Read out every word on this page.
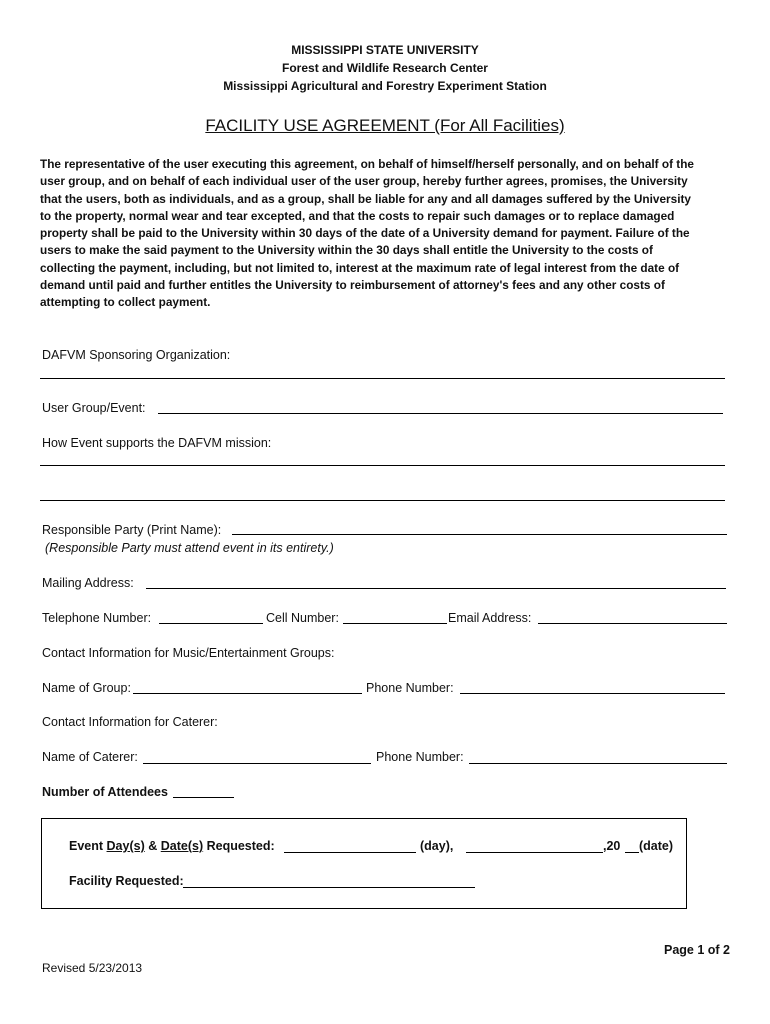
MISSISSIPPI STATE UNIVERSITY
Forest and Wildlife Research Center
Mississippi Agricultural and Forestry Experiment Station
FACILITY USE AGREEMENT (For All Facilities)
The representative of the user executing this agreement, on behalf of himself/herself personally, and on behalf of the
user group, and on behalf of each individual user of the user group, hereby further agrees, promises, the University
that the users, both as individuals, and as a group, shall be liable for any and all damages suffered by the University
to the property, normal wear and tear excepted, and that the costs to repair such damages or to replace damaged
property shall be paid to the University within 30 days of the date of a University demand for payment. Failure of the
users to make the said payment to the University within the 30 days shall entitle the University to the costs of
collecting the payment, including, but not limited to, interest at the maximum rate of legal interest from the date of
demand until paid and further entitles the University to reimbursement of attorney's fees and any other costs of
attempting to collect payment.
DAFVM Sponsoring Organization:
User Group/Event:
How Event supports the DAFVM mission:
Responsible Party (Print Name):
(Responsible Party must attend event in its entirety.)
Mailing Address:
Telephone Number:	Cell Number:	Email Address:
Contact Information for Music/Entertainment Groups:
Name of Group:	Phone Number:
Contact Information for Caterer:
Name of Caterer:	Phone Number:
Number of Attendees
Event Day(s) & Date(s) Requested:	(day),	,20 (date)
Facility Requested:
Page 1 of 2
Revised 5/23/2013
